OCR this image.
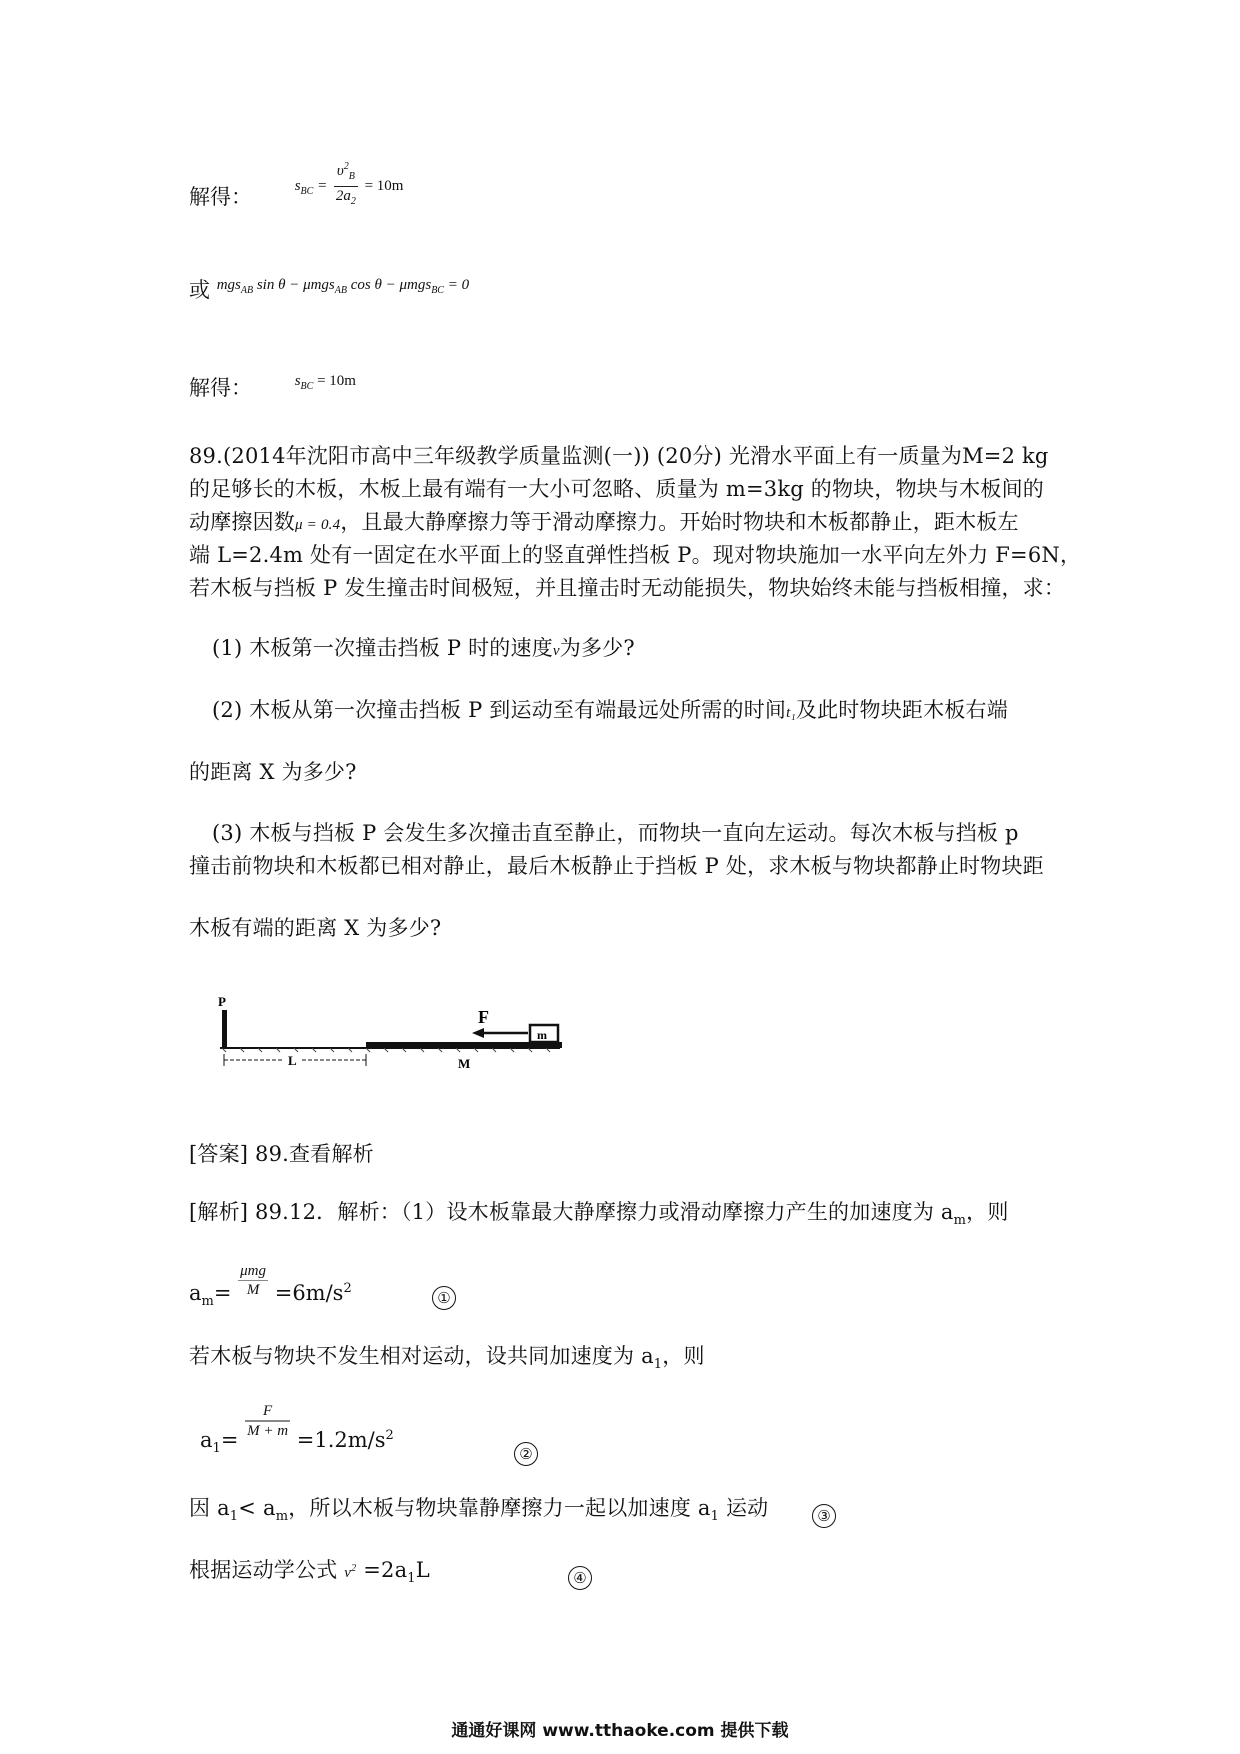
解得：	$s_{BC} = \frac{\upsilon^2_B}{2a_2} = 10m$
或 mgs$_{AB}$ sin θ − μmgs$_{AB}$ cos θ − μmgs$_{BC}$ = 0
解得：	$s_{BC} = 10m$
89.(2014年沈阳市高中三年级教学质量监测(一)) (20分) 光滑水平面上有一质量为M=2 kg
的足够长的木板，木板上最有端有一大小可忽略、质量为 m=3kg 的物块，物块与木板间的
动摩擦因数μ = 0.4，且最大静摩擦力等于滑动摩擦力。开始时物块和木板都静止，距木板左
端 L=2.4m 处有一固定在水平面上的竖直弹性挡板 P。现对物块施加一水平向左外力 F=6N，
若木板与挡板 P 发生撞击时间极短，并且撞击时无动能损失，物块始终未能与挡板相撞，求：
(1) 木板第一次撞击挡板 P 时的速度v为多少?
(2) 木板从第一次撞击挡板 P 到运动至有端最远处所需的时间t₁及此时物块距木板右端
的距离 X 为多少?
(3) 木板与挡板 P 会发生多次撞击直至静止，而物块一直向左运动。每次木板与挡板 p
撞击前物块和木板都已相对静止，最后木板静止于挡板 P 处，求木板与物块都静止时物块距
木板有端的距离 X 为多少?
P
M
m
F
L
[答案] 89.查看解析
[解析] 89.12．解析：（1）设木板靠最大静摩擦力或滑动摩擦力产生的加速度为 $a_m$，则
$a_m= \frac{\text{μmg}}{M} =6m/s^2$
①
若木板与物块不发生相对运动，设共同加速度为 $a_1$，则
$a_1= \frac{F}{M + m} =1.2m/s^2$
②
因 $a_1< a_m$，所以木板与物块靠静摩擦力一起以加速度 $a_1$ 运动	③
根据运动学公式 $v^2 =2a_1L$	④
通通好课网 www.tthaoke.com 提供下载
